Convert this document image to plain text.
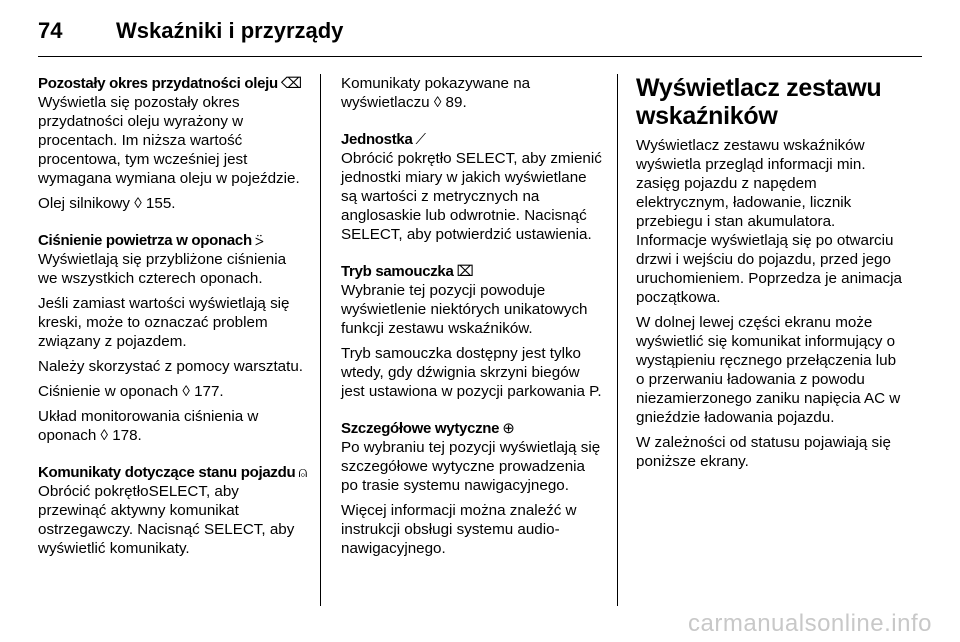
74	Wskaźniki i przyrządy
Pozostały okres przydatności oleju ⌫

Wyświetla się pozostały okres przydatności oleju wyrażony w procentach. Im niższa wartość procentowa, tym wcześniej jest wymagana wymiana oleju w pojeździe.

Olej silnikowy ◊ 155.

Ciśnienie powietrza w oponach ⍩

Wyświetlają się przybliżone ciśnienia we wszystkich czterech oponach.

Jeśli zamiast wartości wyświetlają się kreski, może to oznaczać problem związany z pojazdem.

Należy skorzystać z pomocy warsztatu.

Ciśnienie w oponach ◊ 177.

Układ monitorowania ciśnienia w oponach ◊ 178.

Komunikaty dotyczące stanu pojazdu ⍝

Obrócić pokrętłoSELECT, aby przewinąć aktywny komunikat ostrzegawczy. Nacisnąć SELECT, aby wyświetlić komunikaty.

Komunikaty pokazywane na wyświetlaczu ◊ 89.

Jednostka ⟋

Obrócić pokrętło SELECT, aby zmienić jednostki miary w jakich wyświetlane są wartości z metrycznych na anglosaskie lub odwrotnie. Nacisnąć SELECT, aby potwierdzić ustawienia.

Tryb samouczka ⌧

Wybranie tej pozycji powoduje wyświetlenie niektórych unikatowych funkcji zestawu wskaźników.

Tryb samouczka dostępny jest tylko wtedy, gdy dźwignia skrzyni biegów jest ustawiona w pozycji parkowania P.

Szczegółowe wytyczne ⊕

Po wybraniu tej pozycji wyświetlają się szczegółowe wytyczne prowadzenia po trasie systemu nawigacyjnego.

Więcej informacji można znaleźć w instrukcji obsługi systemu audio-nawigacyjnego.

Wyświetlacz zestawu wskaźników

Wyświetlacz zestawu wskaźników wyświetla przegląd informacji min. zasięg pojazdu z napędem elektrycznym, ładowanie, licznik przebiegu i stan akumulatora. Informacje wyświetlają się po otwarciu drzwi i wejściu do pojazdu, przed jego uruchomieniem. Poprzedza je animacja początkowa.

W dolnej lewej części ekranu może wyświetlić się komunikat informujący o wystąpieniu ręcznego przełączenia lub o przerwaniu ładowania z powodu niezamierzonego zaniku napięcia AC w gnieździe ładowania pojazdu.

W zależności od statusu pojawiają się poniższe ekrany.

carmanualsonline.info
